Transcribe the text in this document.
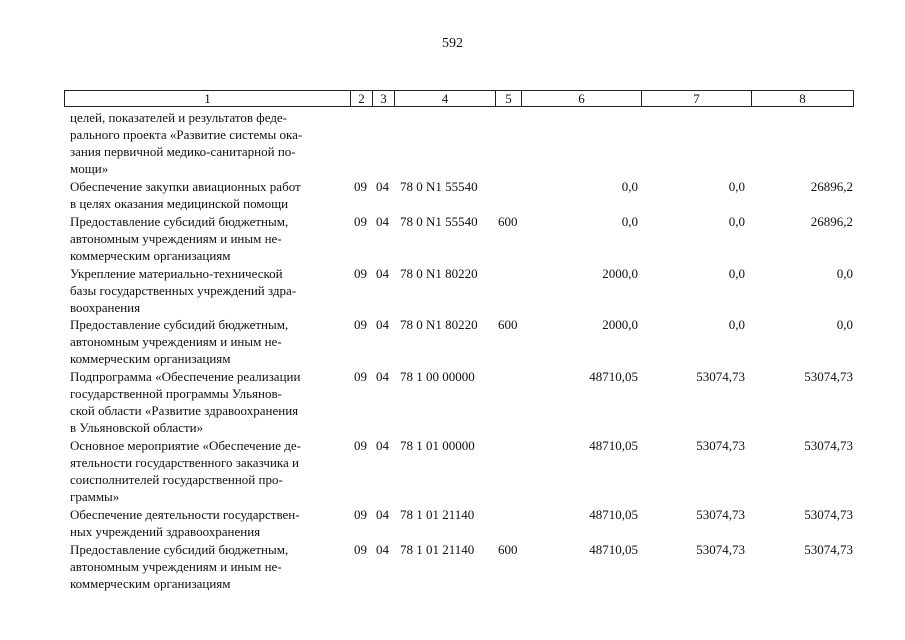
592
1	2	3	4	5	6	7	8
целей, показателей и результатов феде-
рального проекта «Развитие системы ока-
зания первичной медико-санитарной по-
мощи»
Обеспечение закупки авиационных работ
в целях оказания медицинской помощи
09 04 78 0 N1 55540	0,0	0,0	26896,2
Предоставление субсидий бюджетным,
автономным учреждениям и иным не-
коммерческим организациям
09 04 78 0 N1 55540 600	0,0	0,0	26896,2
Укрепление материально-технической
базы государственных учреждений здра-
воохранения
09 04 78 0 N1 80220	2000,0	0,0	0,0
Предоставление субсидий бюджетным,
автономным учреждениям и иным не-
коммерческим организациям
09 04 78 0 N1 80220 600	2000,0	0,0	0,0
Подпрограмма «Обеспечение реализации
государственной программы Ульянов-
ской области «Развитие здравоохранения
в Ульяновской области»
09 04 78 1 00 00000	48710,05	53074,73	53074,73
Основное мероприятие «Обеспечение де-
ятельности государственного заказчика и
соисполнителей государственной про-
граммы»
09 04 78 1 01 00000	48710,05	53074,73	53074,73
Обеспечение деятельности государствен-
ных учреждений здравоохранения
09 04 78 1 01 21140	48710,05	53074,73	53074,73
Предоставление субсидий бюджетным,
автономным учреждениям и иным не-
коммерческим организациям
09 04 78 1 01 21140 600	48710,05	53074,73	53074,73
